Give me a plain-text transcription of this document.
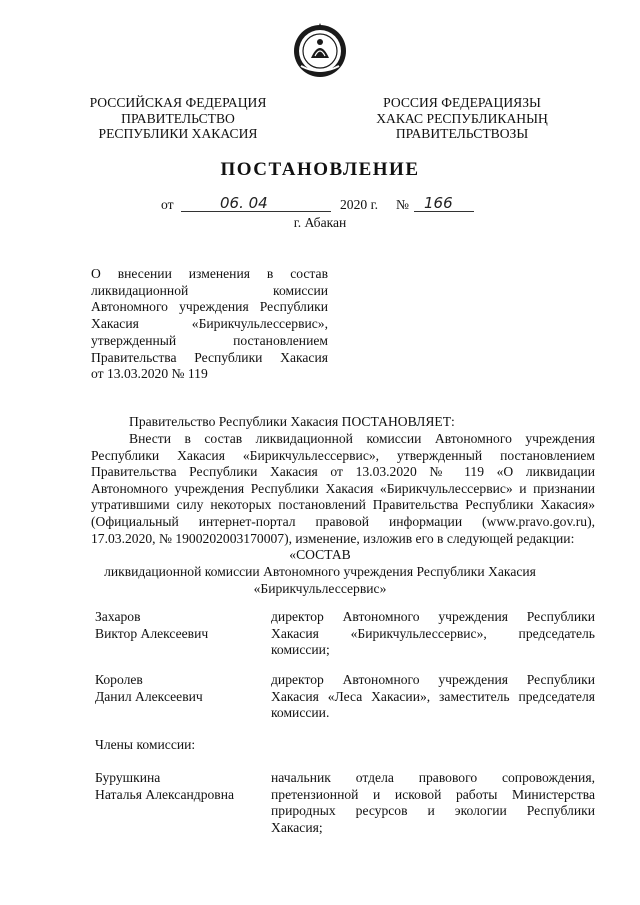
РОССИЙСКАЯ ФЕДЕРАЦИЯ
ПРАВИТЕЛЬСТВО
РЕСПУБЛИКИ ХАКАСИЯ
РОССИЯ ФЕДЕРАЦИЯЗЫ
ХАКАС РЕСПУБЛИКАНЫҢ
ПРАВИТЕЛЬСТВОЗЫ
ПОСТАНОВЛЕНИЕ
от	06. 04	2020 г. № 166
г. Абакан
О внесении изменения в состав
ликвидационной комиссии
Автономного учреждения Республики
Хакасия «Бирикчульлессервис»,
утвержденный постановлением
Правительства Республики Хакасия
от 13.03.2020 № 119
Правительство Республики Хакасия ПОСТАНОВЛЯЕТ:
Внести в состав ликвидационной комиссии Автономного учреждения
Республики Хакасия «Бирикчульлессервис», утвержденный постановлением
Правительства Республики Хакасия от 13.03.2020 № 119 «О ликвидации
Автономного учреждения Республики Хакасия «Бирикчульлессервис» и признании
утратившими силу некоторых постановлений Правительства Республики Хакасия»
(Официальный интернет-портал правовой информации (www.pravo.gov.ru),
17.03.2020, № 1900202003170007), изменение, изложив его в следующей редакции:
«СОСТАВ
ликвидационной комиссии Автономного учреждения Республики Хакасия
«Бирикчульлессервис»
Захаров
Виктор Алексеевич
директор Автономного учреждения Республики
Хакасия «Бирикчульлессервис», председатель
комиссии;
Королев
Данил Алексеевич
директор Автономного учреждения Республики
Хакасия «Леса Хакасии», заместитель председателя
комиссии.
Члены комиссии:
Бурушкина
Наталья Александровна
начальник отдела правового сопровождения,
претензионной и исковой работы Министерства
природных ресурсов и экологии Республики
Хакасия;
